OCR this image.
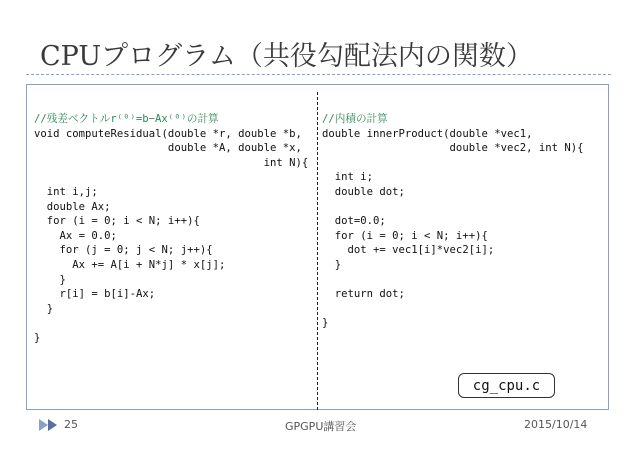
CPUプログラム（共役勾配法内の関数）
//残差ベクトルr⁽⁰⁾=b−Ax⁽⁰⁾の計算
void computeResidual(double *r, double *b,
double *A, double *x,
int N){

int i,j;
double Ax;
for (i = 0; i < N; i++){
Ax = 0.0;
for (j = 0; j < N; j++){
Ax += A[i + N*j] * x[j];
}
r[i] = b[i]-Ax;
}

}
//内積の計算
double innerProduct(double *vec1,
double *vec2, int N){

int i;
double dot;

dot=0.0;
for (i = 0; i < N; i++){
dot += vec1[i]*vec2[i];
}

return dot;

}
cg_cpu.c
25	GPGPU講習会	2015/10/14
